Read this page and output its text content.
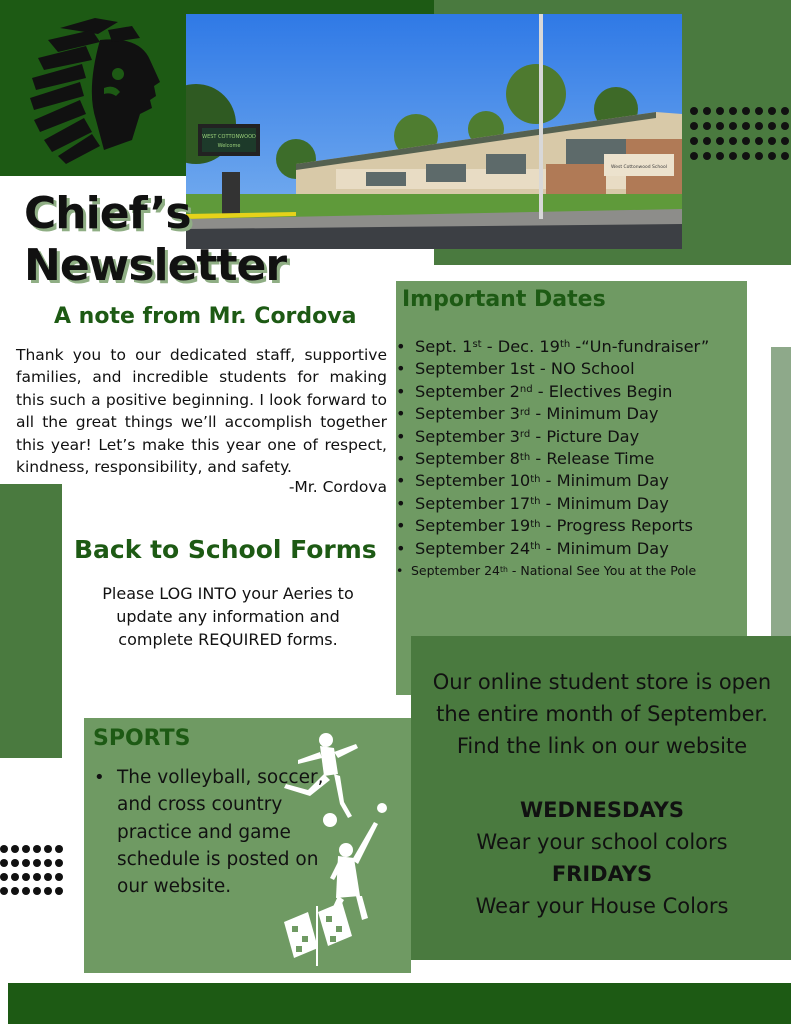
WEST COTTONWOOD
Welcome
West Cottonwood School
Chief’s
Newsletter
A note from Mr. Cordova
Thank you to our dedicated staff, supportive families, and incredible students for making this such a positive beginning. I look forward to all the great things we’ll accomplish together this year! Let’s make this year one of respect, kindness, responsibility, and safety.
-Mr. Cordova
Important Dates
• Sept. 1st - Dec. 19th -“Un-fundraiser”
• September 1st - NO School
• September 2nd - Electives Begin
• September 3rd - Minimum Day
• September 3rd - Picture Day
• September 8th - Release Time
• September 10th - Minimum Day
• September 17th - Minimum Day
• September 19th - Progress Reports
• September 24th - Minimum Day
• September 24th - National See You at the Pole
Back to School Forms
Please LOG INTO your Aeries to update any information and complete REQUIRED forms.
Our online student store is open the entire month of September. Find the link on our website
WEDNESDAYS
Wear your school colors
FRIDAYS
Wear your House Colors
SPORTS
• The volleyball, soccer, and cross country practice and game schedule is posted on our website.
